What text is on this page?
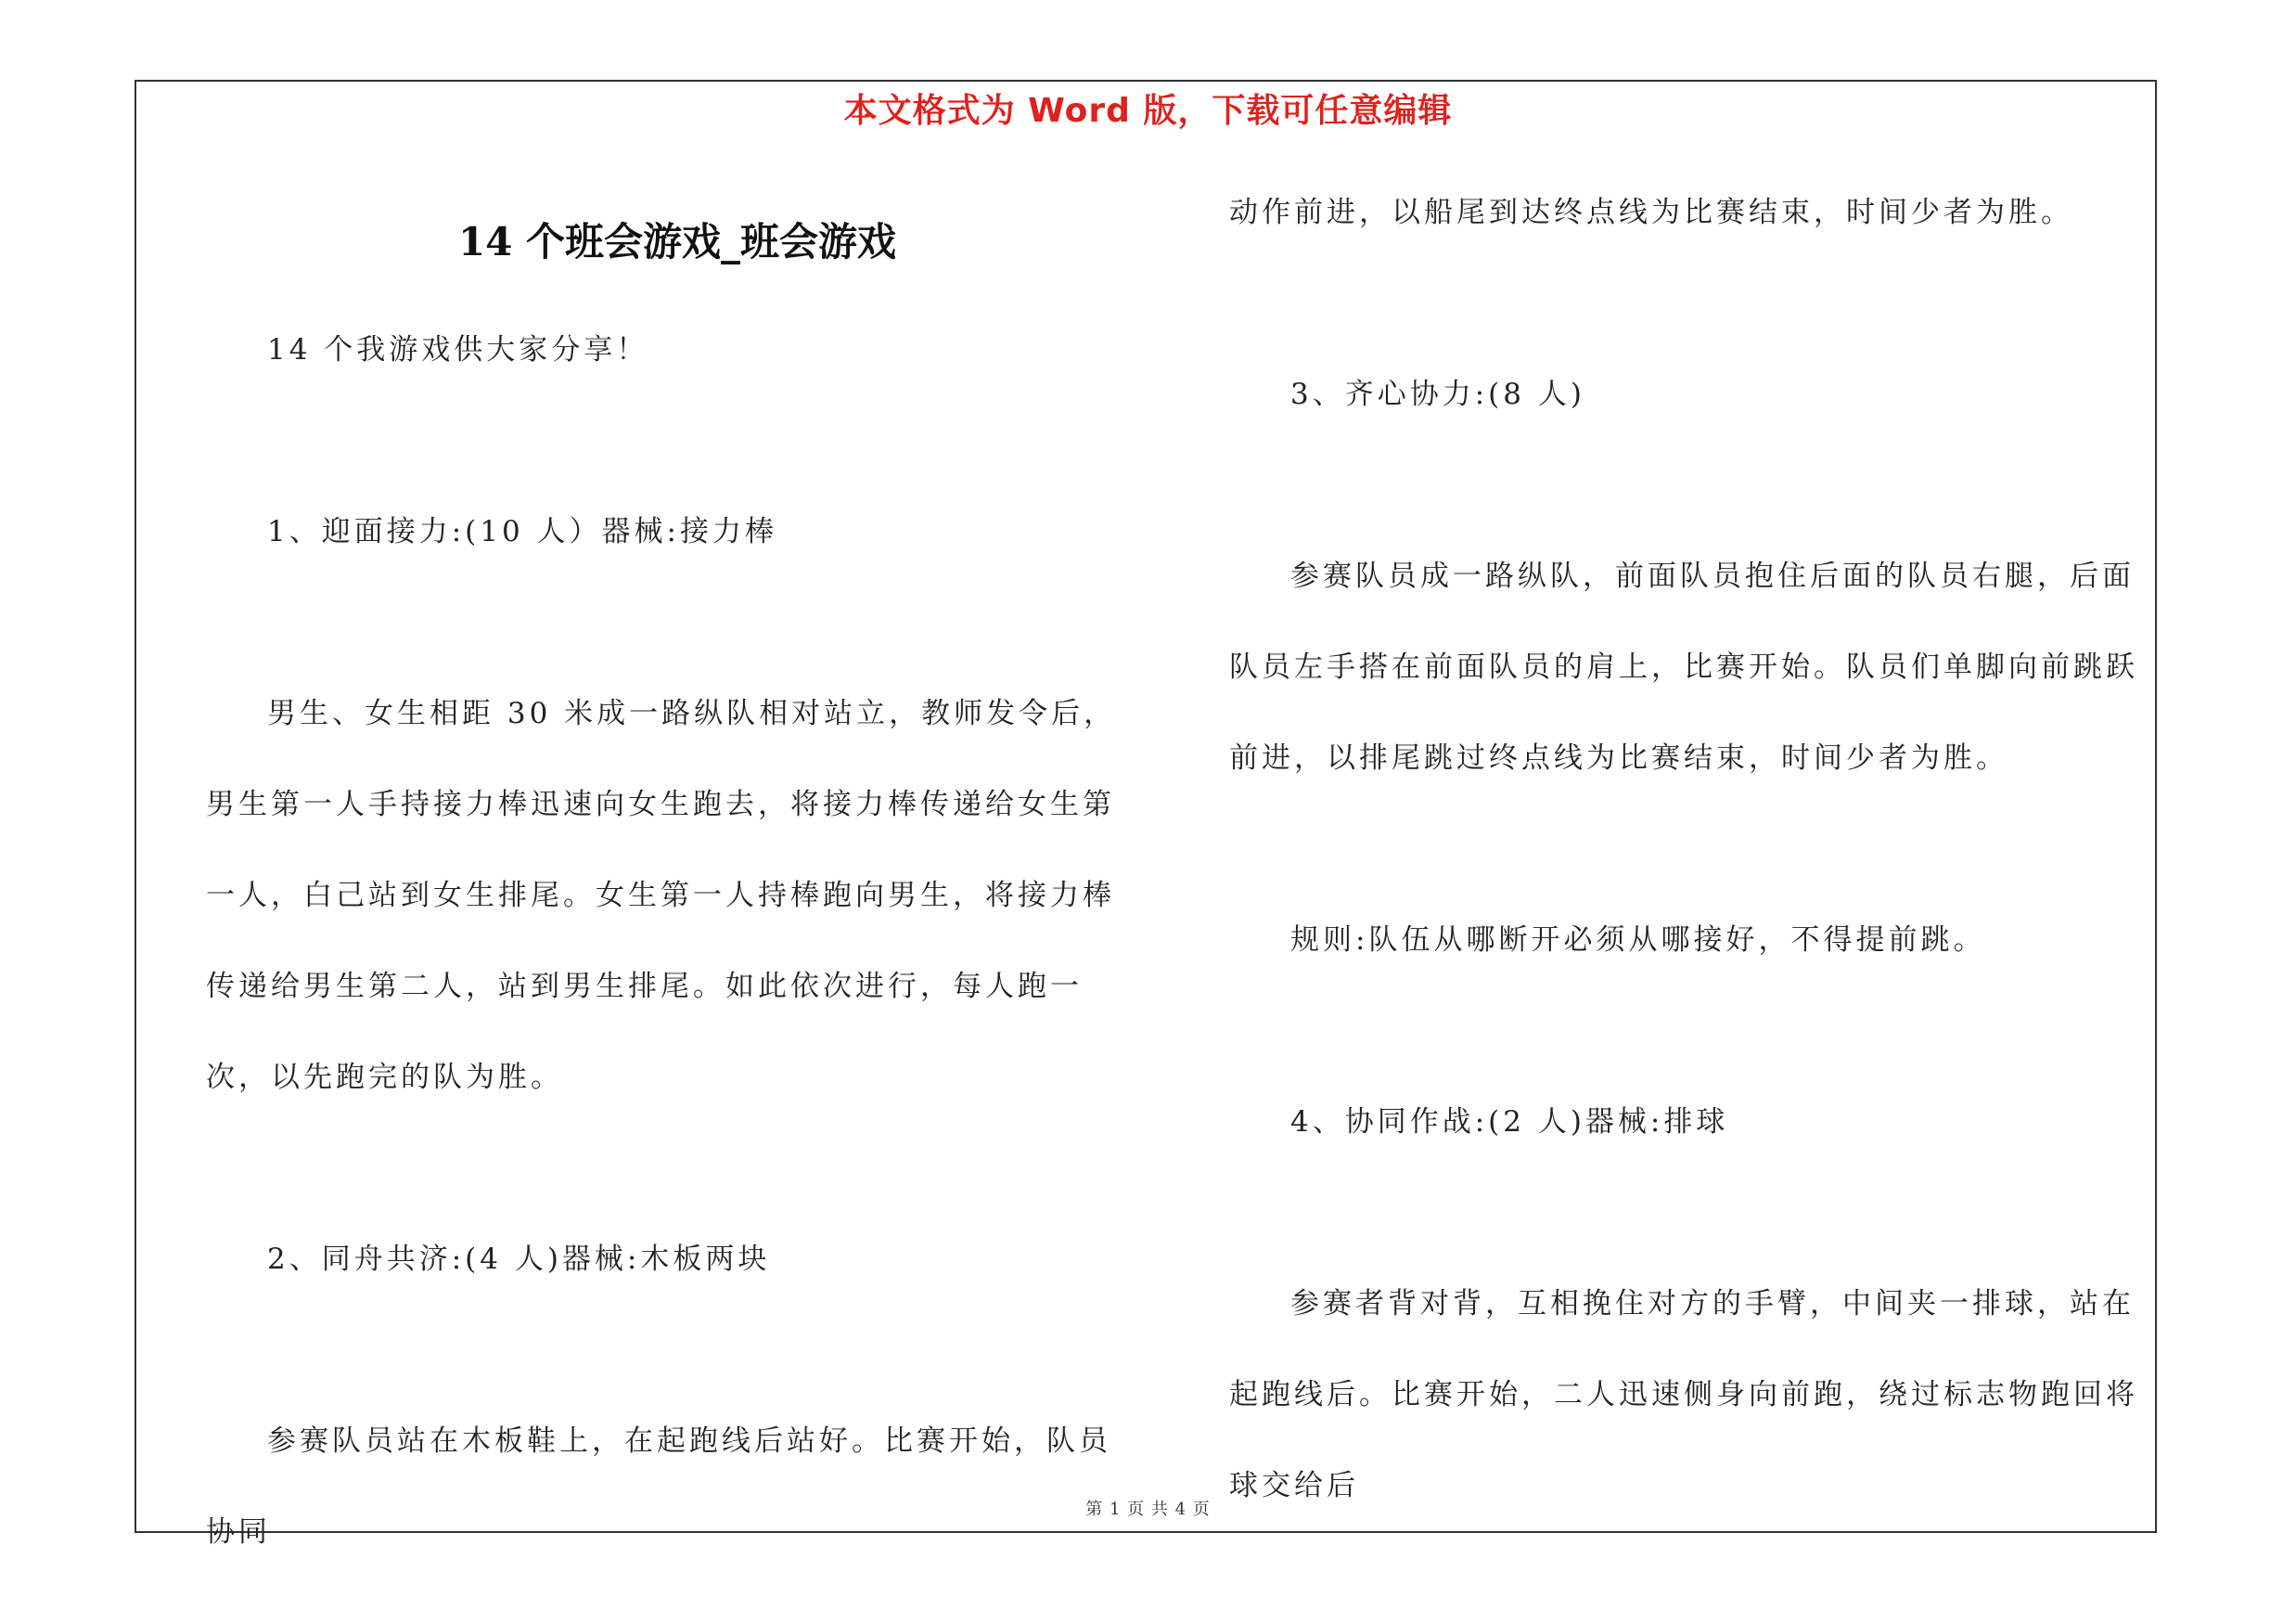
本文格式为 Word 版，下载可任意编辑
14 个班会游戏_班会游戏

14 个我游戏供大家分享！

1、迎面接力:(10 人）器械:接力棒

男生、女生相距 30 米成一路纵队相对站立，教师发令后，男生第一人手持接力棒迅速向女生跑去，将接力棒传递给女生第一人，白己站到女生排尾。女生第一人持棒跑向男生，将接力棒传递给男生第二人，站到男生排尾。如此依次进行，每人跑一次，以先跑完的队为胜。

2、同舟共济:(4 人)器械:木板两块

参赛队员站在木板鞋上，在起跑线后站好。比赛开始，队员协同

动作前进，以船尾到达终点线为比赛结束，时间少者为胜。

3、齐心协力:(8 人)

参赛队员成一路纵队，前面队员抱住后面的队员右腿，后面队员左手搭在前面队员的肩上，比赛开始。队员们单脚向前跳跃前进，以排尾跳过终点线为比赛结束，时间少者为胜。

规则:队伍从哪断开必须从哪接好，不得提前跳。

4、协同作战:(2 人)器械:排球

参赛者背对背，互相挽住对方的手臂，中间夹一排球，站在起跑线后。比赛开始，二人迅速侧身向前跑，绕过标志物跑回将球交给后

第 1 页 共 4 页
